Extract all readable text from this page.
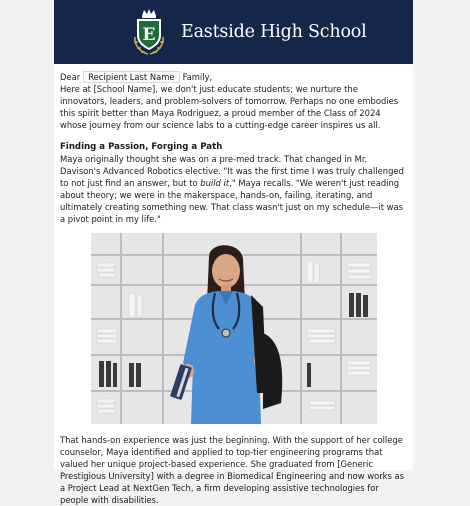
E Eastside High School

Dear Recipient Last Name Family,

Here at [School Name], we don't just educate students; we nurture the innovators, leaders, and problem-solvers of tomorrow. Perhaps no one embodies this spirit better than Maya Rodriguez, a proud member of the Class of 2024 whose journey from our science labs to a cutting-edge career inspires us all.

Finding a Passion, Forging a Path

Maya originally thought she was on a pre-med track. That changed in Mr. Davison's Advanced Robotics elective. "It was the first time I was truly challenged to not just find an answer, but to build it," Maya recalls. "We weren't just reading about theory; we were in the makerspace, hands-on, failing, iterating, and ultimately creating something new. That class wasn't just on my schedule—it was a pivot point in my life."

That hands-on experience was just the beginning. With the support of her college counselor, Maya identified and applied to top-tier engineering programs that valued her unique project-based experience. She graduated from [Generic Prestigious University] with a degree in Biomedical Engineering and now works as a Project Lead at NextGen Tech, a firm developing assistive technologies for people with disabilities.
